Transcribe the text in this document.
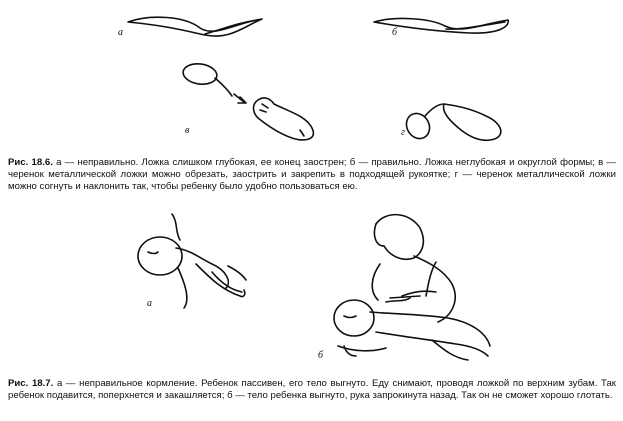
а	б
в	г
а
б
Рис. 18.6. а — неправильно. Ложка слишком глубокая, ее конец заострен; б — правильно. Ложка неглубокая и округлой формы; в — черенок металлической ложки можно обрезать, заострить и закрепить в подходящей рукоятке; г — черенок металлической ложки можно согнуть и наклонить так, чтобы ребенку было удобно пользоваться ею.
Рис. 18.7. а — неправильное кормление. Ребенок пассивен, его тело выгнуто. Еду снимают, проводя ложкой по верхним зубам. Так ребенок подавится, поперхнется и закашляется; б — тело ребенка выгнуто, рука запрокинута назад. Так он не сможет хорошо глотать.
